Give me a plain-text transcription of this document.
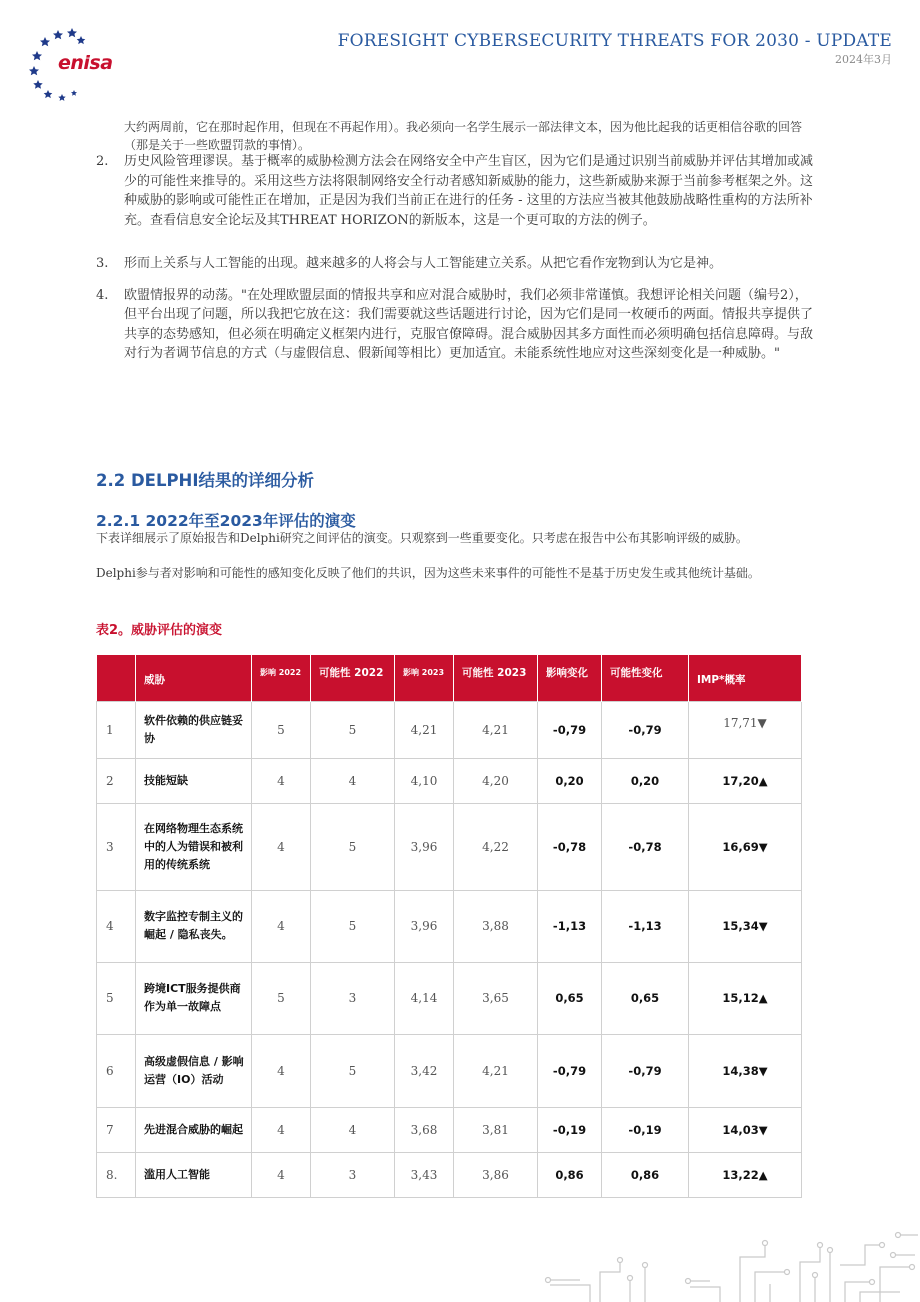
enisa
FORESIGHT CYBERSECURITY THREATS FOR 2030 - UPDATE
2024年3月
大约两周前，它在那时起作用，但现在不再起作用）。我必须向一名学生展示一部法律文本，因为他比起我的话更相信谷歌的回答（那是关于一些欧盟罚款的事情）。
2. 历史风险管理谬误。基于概率的威胁检测方法会在网络安全中产生盲区，因为它们是通过识别当前威胁并评估其增加或减少的可能性来推导的。采用这些方法将限制网络安全行动者感知新威胁的能力，这些新威胁来源于当前参考框架之外。这种威胁的影响或可能性正在增加，正是因为我们当前正在进行的任务 - 这里的方法应当被其他鼓励战略性重构的方法所补充。查看信息安全论坛及其THREAT HORIZON的新版本，这是一个更可取的方法的例子。
3. 形而上关系与人工智能的出现。越来越多的人将会与人工智能建立关系。从把它看作宠物到认为它是神。
4. 欧盟情报界的动荡。"在处理欧盟层面的情报共享和应对混合威胁时，我们必须非常谨慎。我想评论相关问题（编号2），但平台出现了问题，所以我把它放在这：我们需要就这些话题进行讨论，因为它们是同一枚硬币的两面。情报共享提供了共享的态势感知，但必须在明确定义框架内进行，克服官僚障碍。混合威胁因其多方面性而必须明确包括信息障碍。与敌对行为者调节信息的方式（与虚假信息、假新闻等相比）更加适宜。未能系统性地应对这些深刻变化是一种威胁。"
2.2 DELPHI结果的详细分析
2.2.1 2022年至2023年评估的演变
下表详细展示了原始报告和Delphi研究之间评估的演变。只观察到一些重要变化。只考虑在报告中公布其影响评级的威胁。
Delphi参与者对影响和可能性的感知变化反映了他们的共识，因为这些未来事件的可能性不是基于历史发生或其他统计基础。
表2。威胁评估的演变
	威胁	影响 2022	可能性 2022	影响 2023	可能性 2023	影响变化	可能性变化	IMP*概率
1	软件依赖的供应链妥协	5	5	4,21	4,21	-0,79	-0,79	17,71▼
2	技能短缺	4	4	4,10	4,20	0,20	0,20	17,20▲
3	在网络物理生态系统中的人为错误和被利用的传统系统	4	5	3,96	4,22	-0,78	-0,78	16,69▼
4	数字监控专制主义的崛起 / 隐私丧失。	4	5	3,96	3,88	-1,13	-1,13	15,34▼
5	跨境ICT服务提供商作为单一故障点	5	3	4,14	3,65	0,65	0,65	15,12▲
6	高级虚假信息 / 影响运营（IO）活动	4	5	3,42	4,21	-0,79	-0,79	14,38▼
7	先进混合威胁的崛起	4	4	3,68	3,81	-0,19	-0,19	14,03▼
8.	滥用人工智能	4	3	3,43	3,86	0,86	0,86	13,22▲
